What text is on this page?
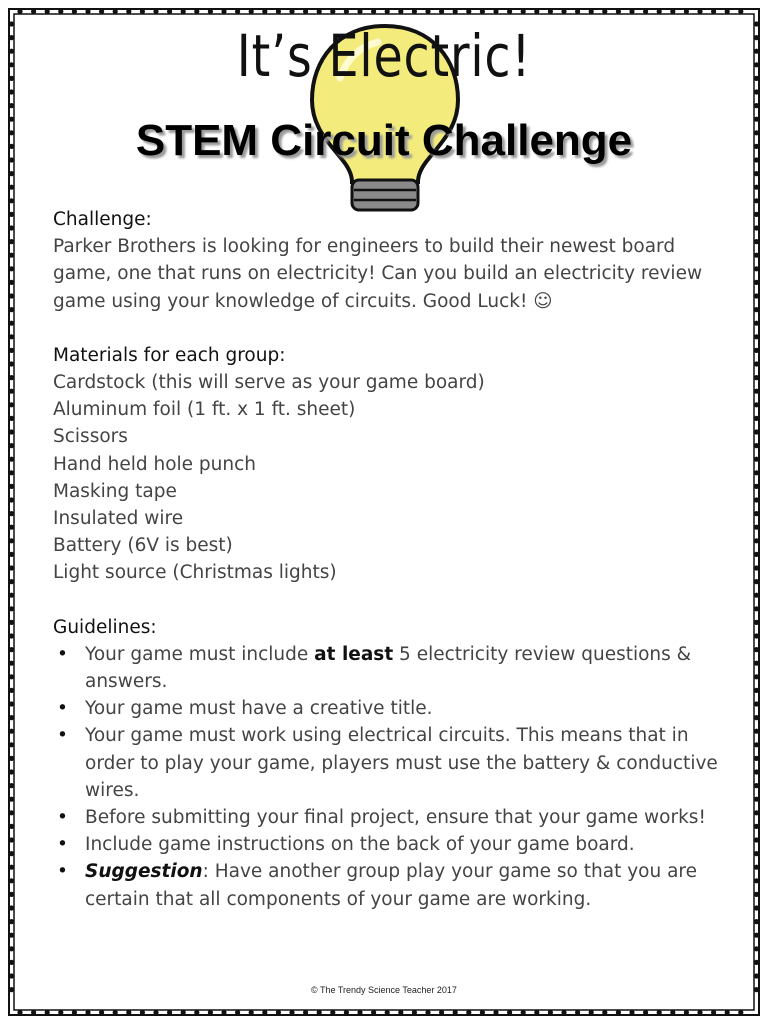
It’s Electric!
STEM Circuit Challenge
Challenge:
Parker Brothers is looking for engineers to build their newest board game, one that runs on electricity! Can you build an electricity review game using your knowledge of circuits. Good Luck! ☺
Materials for each group:
Cardstock (this will serve as your game board)
Aluminum foil (1 ft. x 1 ft. sheet)
Scissors
Hand held hole punch
Masking tape
Insulated wire
Battery (6V is best)
Light source (Christmas lights)
Guidelines:
• Your game must include at least 5 electricity review questions & answers.
• Your game must have a creative title.
• Your game must work using electrical circuits. This means that in order to play your game, players must use the battery & conductive wires.
• Before submitting your final project, ensure that your game works!
• Include game instructions on the back of your game board.
• Suggestion: Have another group play your game so that you are certain that all components of your game are working.
© The Trendy Science Teacher 2017
